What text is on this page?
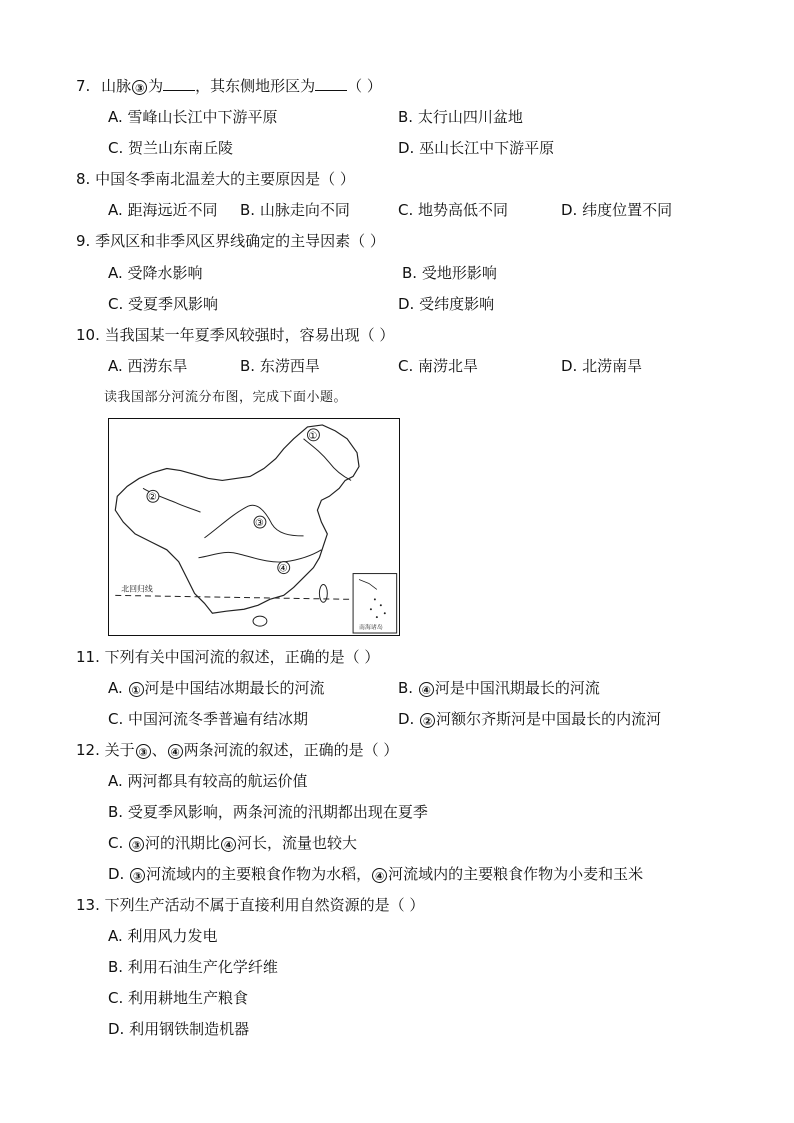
7. 山脉 ③ 为 ，其东侧地形区为 （ ）
A. 雪峰山长江中下游平原	B. 太行山四川盆地
C. 贺兰山东南丘陵	D. 巫山长江中下游平原
8. 中国冬季南北温差大的主要原因是（ ）
A. 距海远近不同 B. 山脉走向不同	C. 地势高低不同	D. 纬度位置不同
9. 季风区和非季风区界线确定的主导因素（ ）
A. 受降水影响	B. 受地形影响
C. 受夏季风影响	D. 受纬度影响
10. 当我国某一年夏季风较强时，容易出现（ ）
A. 西涝东旱	B. 东涝西旱	C. 南涝北旱	D. 北涝南旱
读我国部分河流分布图，完成下面小题。
北回归线
①
②
③
④
南海诸岛
11. 下列有关中国河流的叙述，正确的是（ ）
A. ① 河是中国结冰期最长的河流	B. ④ 河是中国汛期最长的河流
C. 中国河流冬季普遍有结冰期	D. ② 河额尔齐斯河是中国最长的内流河
12. 关于 ③ 、 ④ 两条河流的叙述，正确的是（ ）
A. 两河都具有较高的航运价值
B. 受夏季风影响，两条河流的汛期都出现在夏季
C. ③ 河的汛期比 ④ 河长，流量也较大
D. ③ 河流域内的主要粮食作物为水稻， ④ 河流域内的主要粮食作物为小麦和玉米
13. 下列生产活动不属于直接利用自然资源的是（ ）
A. 利用风力发电
B. 利用石油生产化学纤维
C. 利用耕地生产粮食
D. 利用钢铁制造机器
